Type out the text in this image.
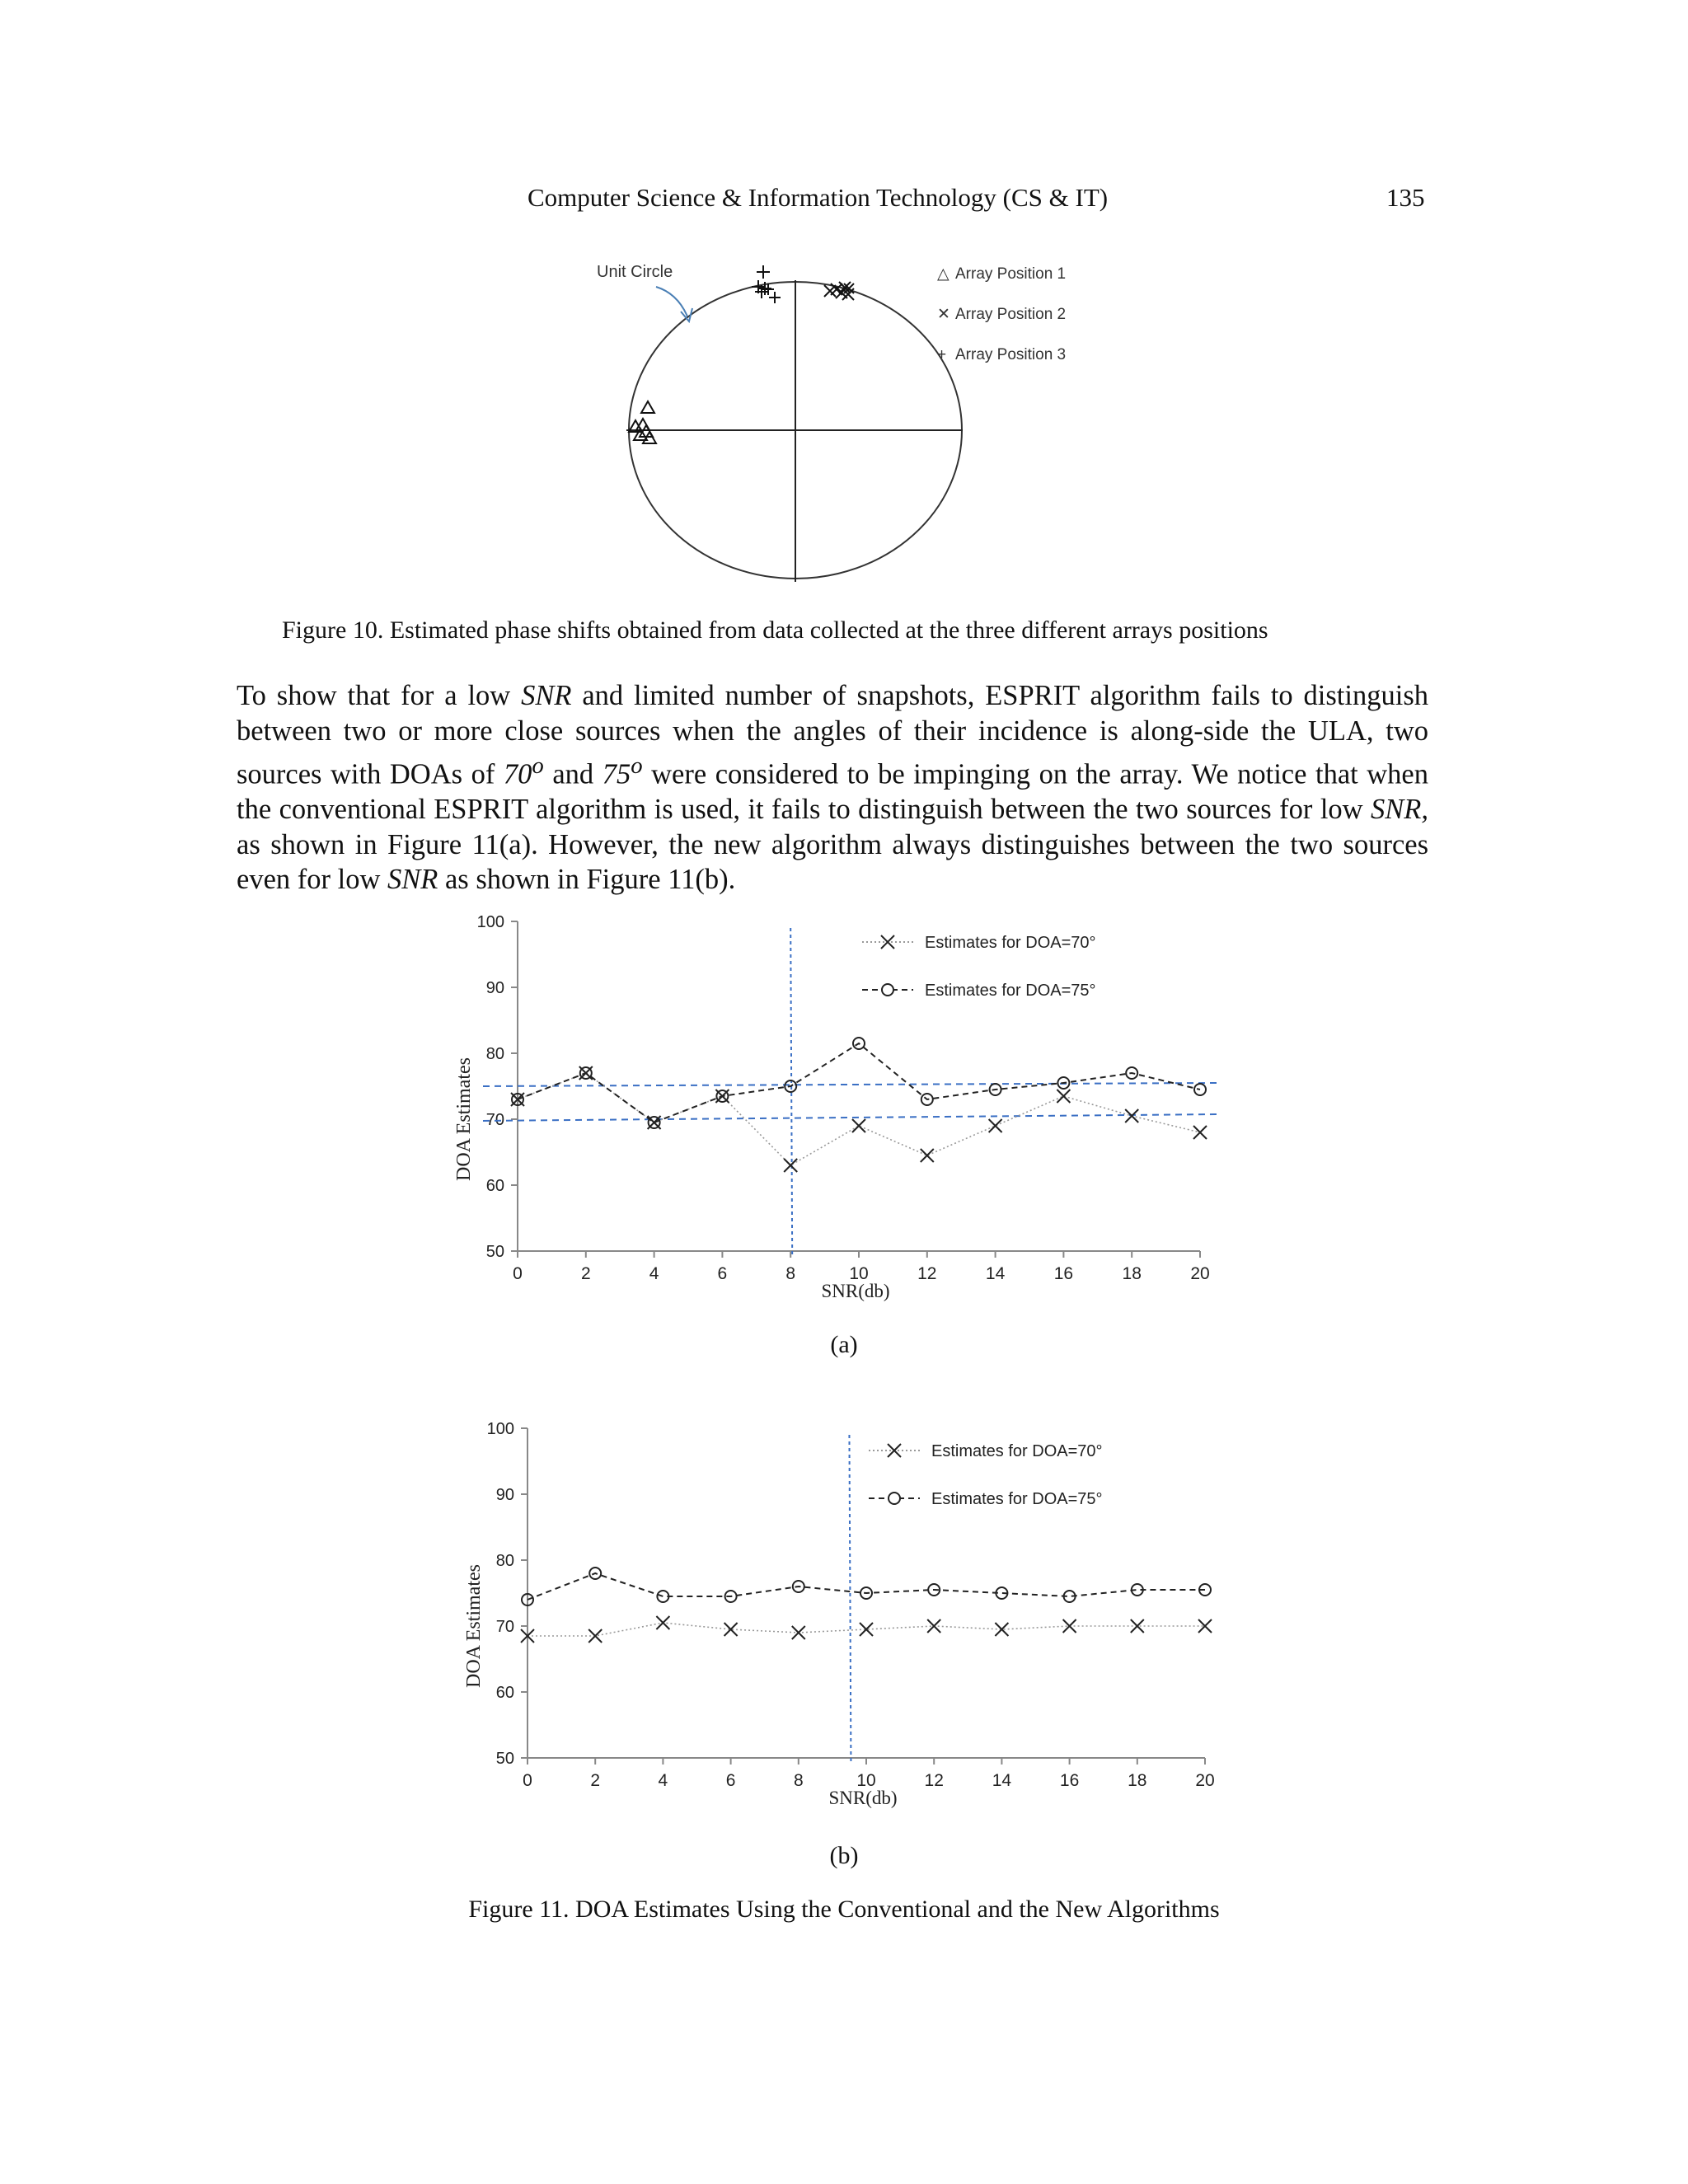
Computer Science & Information Technology (CS & IT)	135
Unit Circle	△ Array Position 1
✕ Array Position 2
+ Array Position 3
Figure 10. Estimated phase shifts obtained from data collected at the three different arrays positions
To show that for a low SNR and limited number of snapshots, ESPRIT algorithm fails to distinguish between two or more close sources when the angles of their incidence is along-side the ULA, two sources with DOAs of 70$^o$ and 75$^o$ were considered to be impinging on the array. We notice that when the conventional ESPRIT algorithm is used, it fails to distinguish between the two sources for low SNR, as shown in Figure 11(a). However, the new algorithm always distinguishes between the two sources even for low SNR as shown in Figure 11(b).
50
60
70
80
90
100
0	2	4	6	8	10	12	14	16	18	20
SNR(db)
DOA Estimates
Estimates for DOA=70°
Estimates for DOA=75°
(a)
50
60
70
80
90
100
0	2	4	6	8	10	12	14	16	18	20
SNR(db)
DOA Estimates
Estimates for DOA=70°
Estimates for DOA=75°
(b)
Figure 11. DOA Estimates Using the Conventional and the New Algorithms
